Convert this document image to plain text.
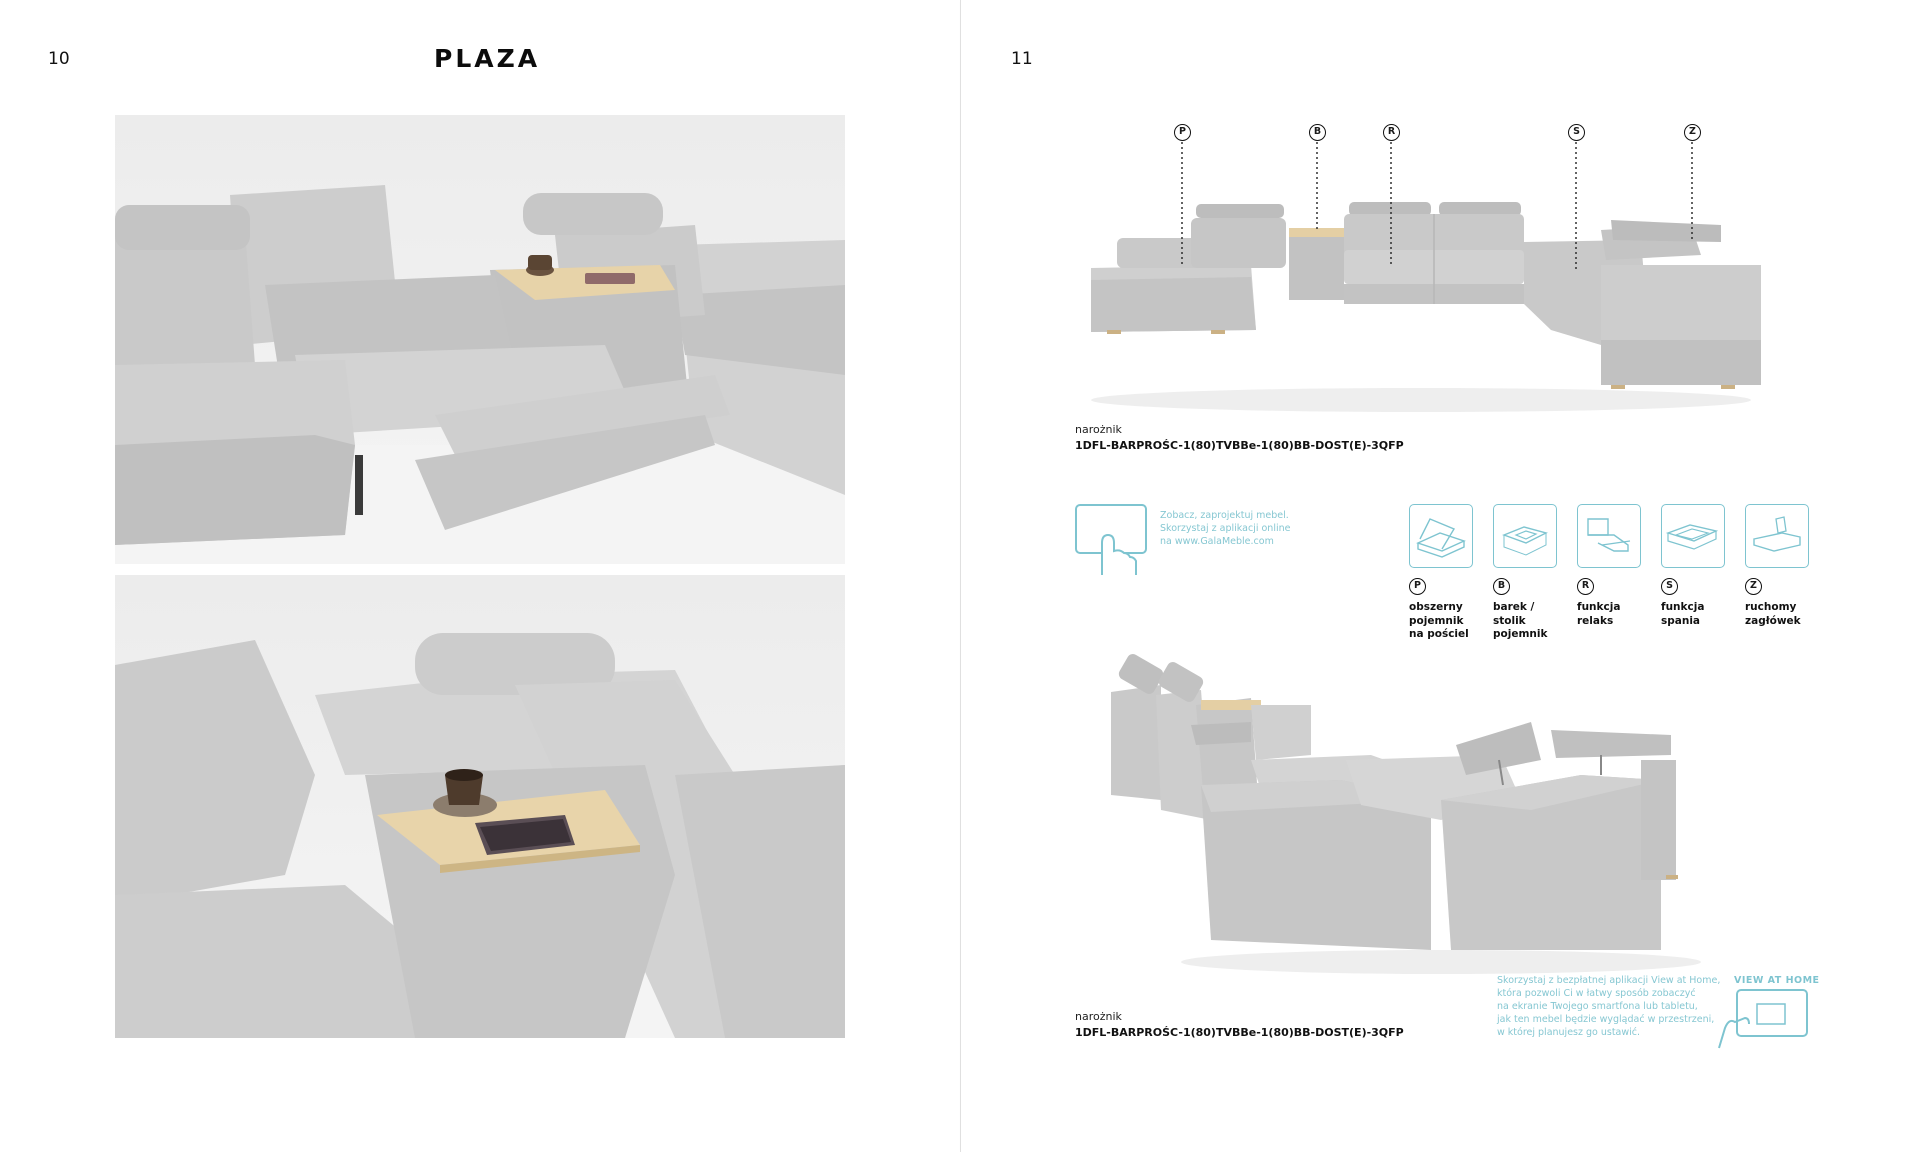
10	PLAZA	11
P	B	R	S	Z
narożnik
1DFL-BARPROŚC-1(80)TVBBe-1(80)BB-DOST(E)-3QFP
Zobacz, zaprojektuj mebel.
Skorzystaj z aplikacji online
na www.GalaMeble.com
P
obszerny
pojemnik
na pościel
B
barek /
stolik
pojemnik
R
funkcja
relaks
S
funkcja
spania
Z
ruchomy
zagłówek
narożnik
1DFL-BARPROŚC-1(80)TVBBe-1(80)BB-DOST(E)-3QFP
Skorzystaj z bezpłatnej aplikacji View at Home,
która pozwoli Ci w łatwy sposób zobaczyć
na ekranie Twojego smartfona lub tabletu,
jak ten mebel będzie wyglądać w przestrzeni,
w której planujesz go ustawić.
VIEW AT HOME
